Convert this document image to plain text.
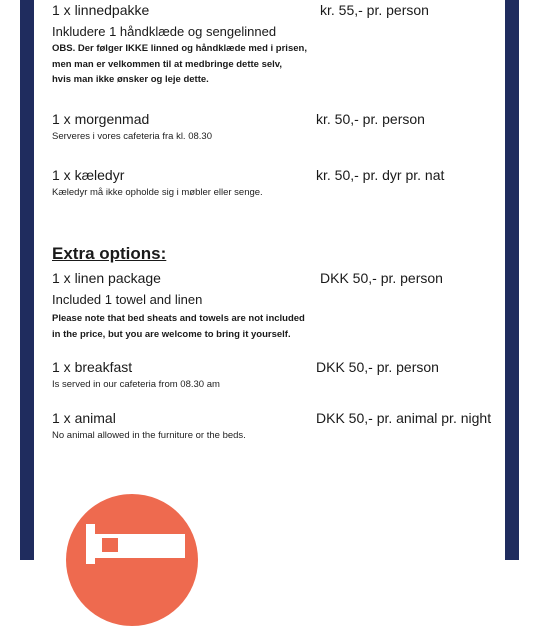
1 x linnedpakke	kr. 55,- pr. person
Inkludere 1 håndklæde og sengelinned
OBS. Der følger IKKE linned og håndklæde med i prisen,
men man er velkommen til at medbringe dette selv,
hvis man ikke ønsker og leje dette.
1 x morgenmad	kr. 50,- pr. person
Serveres i vores cafeteria fra kl. 08.30
1 x kæledyr	kr. 50,- pr. dyr pr. nat
Kæledyr må ikke opholde sig i møbler eller senge.
Extra options:
1 x linen package	DKK 50,- pr. person
Included 1 towel and linen
Please note that bed sheats and towels are not included
in the price, but you are welcome to bring it yourself.
1 x breakfast	DKK 50,- pr. person
Is served in our cafeteria from 08.30 am
1 x animal	DKK 50,- pr. animal pr. night
No animal allowed in the furniture or the beds.
